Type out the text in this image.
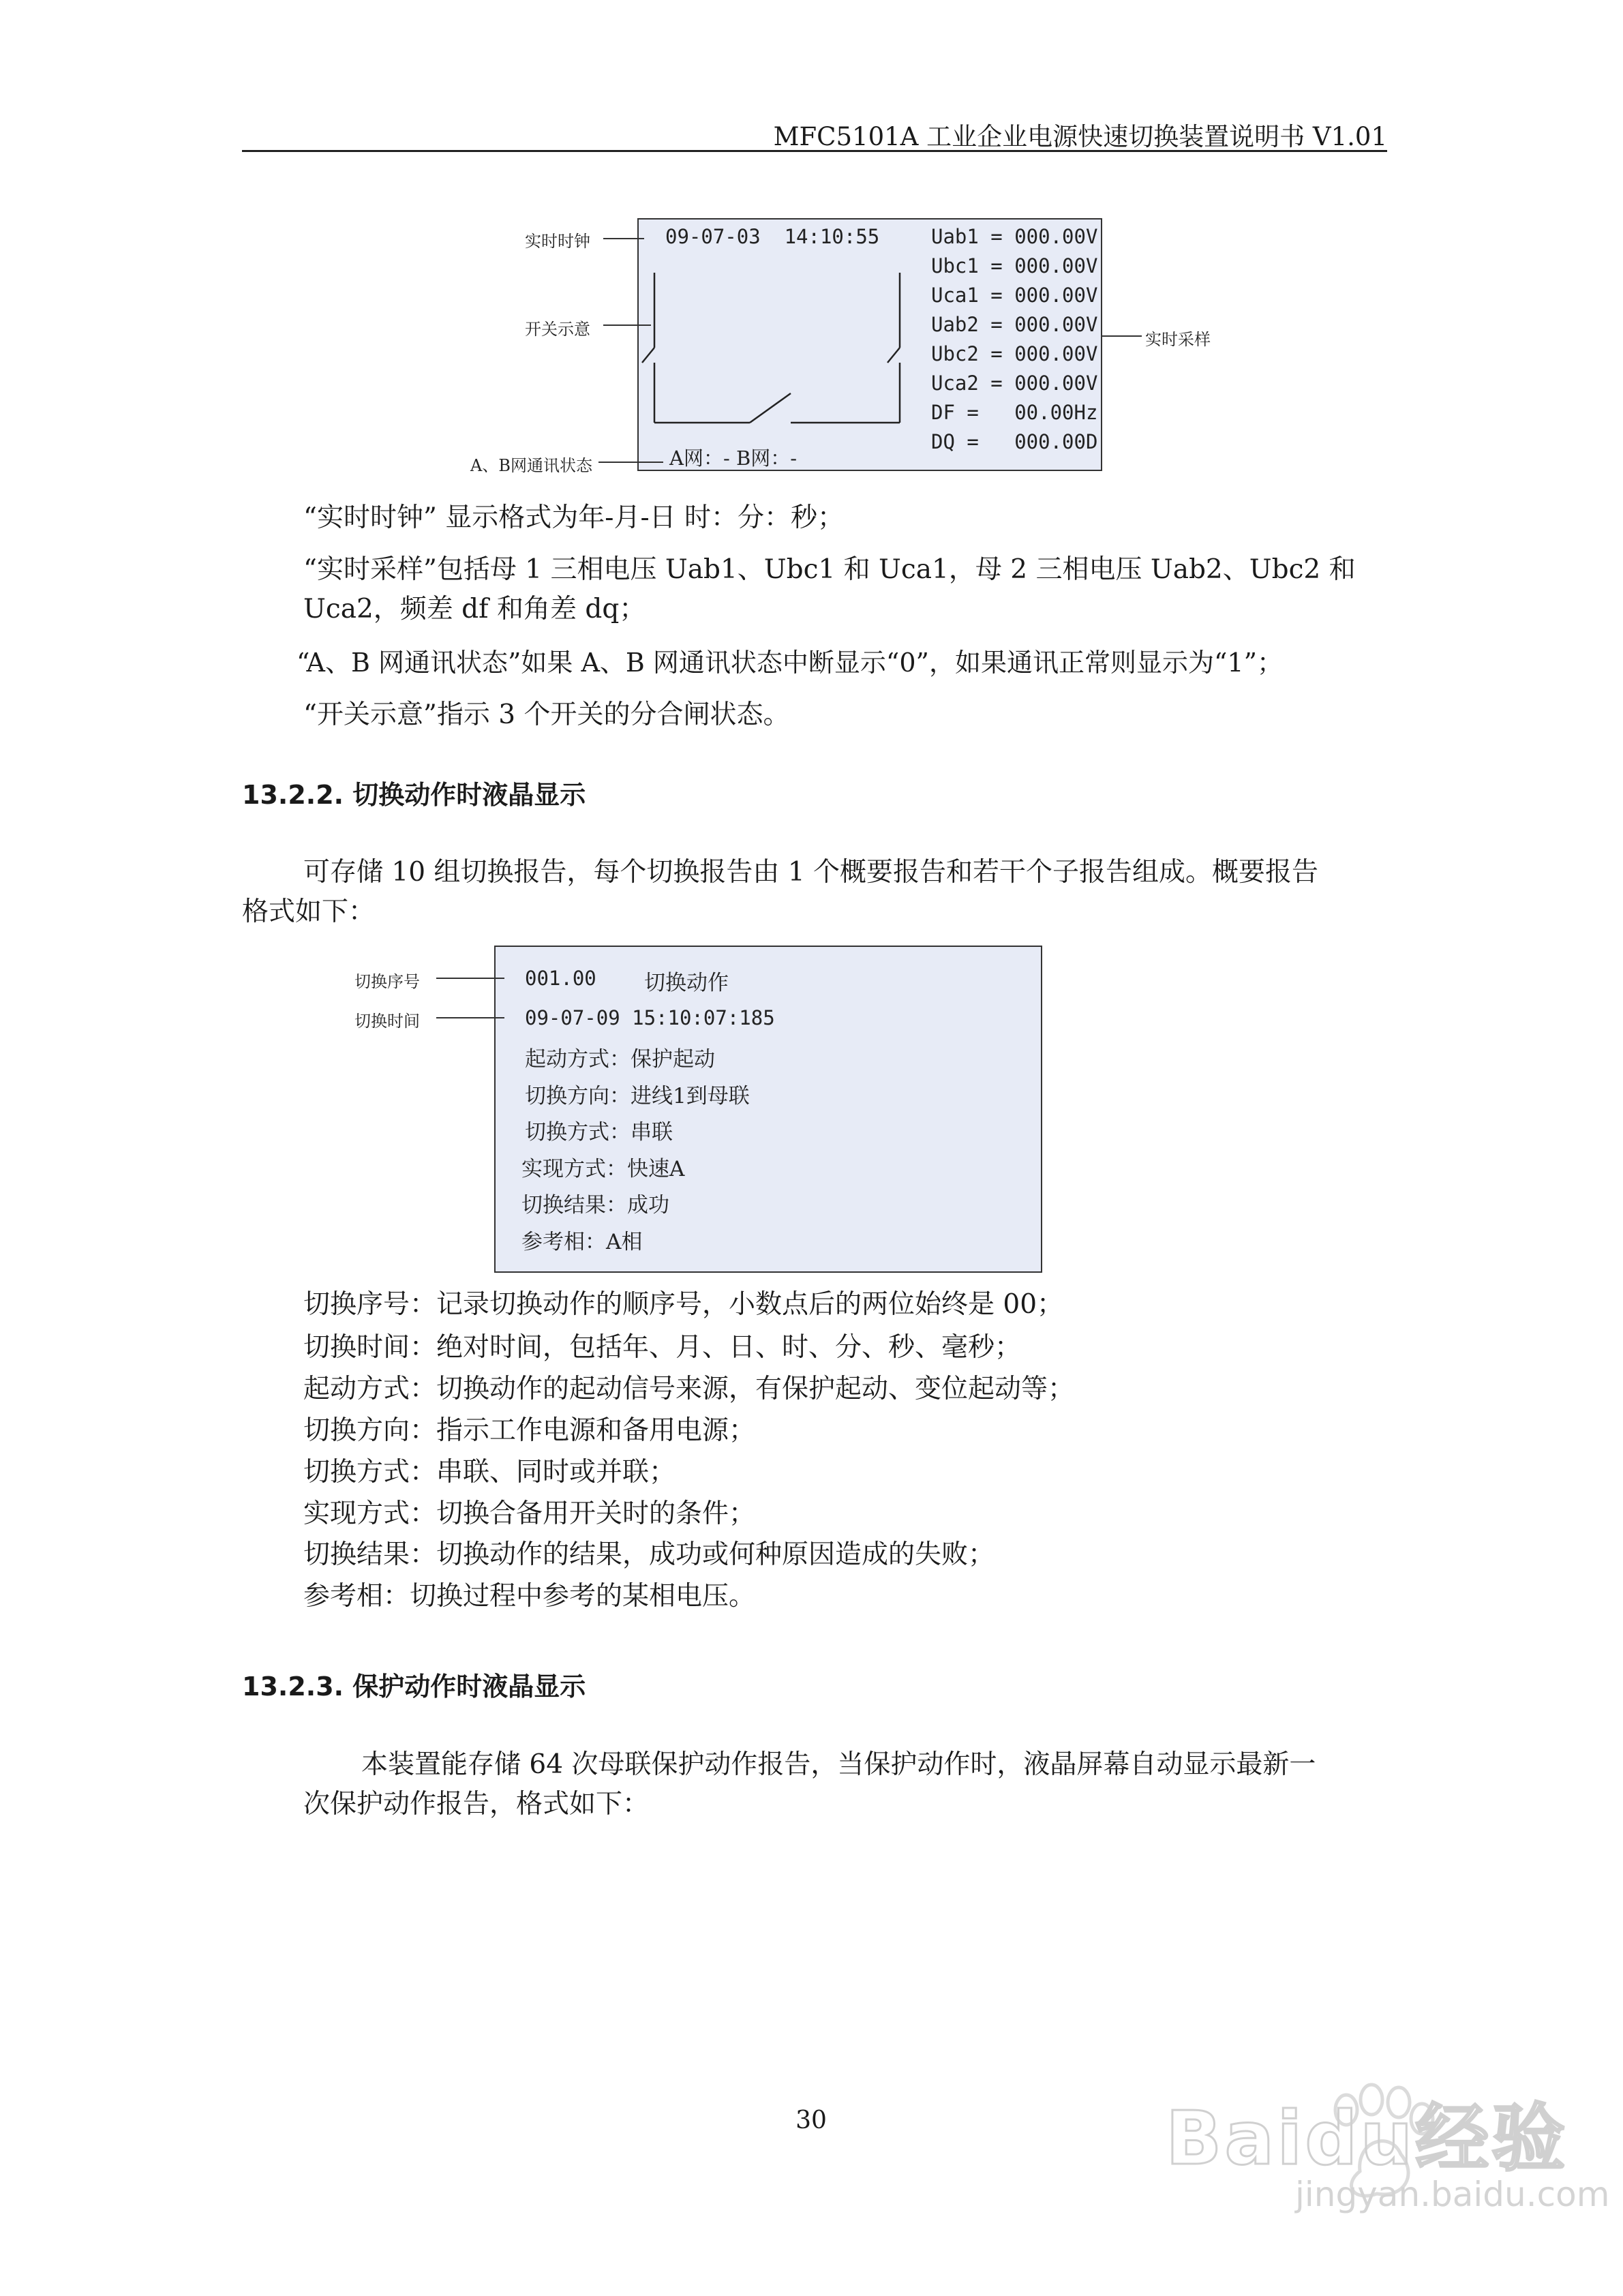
MFC5101A 工业企业电源快速切换装置说明书 V1.01
实时时钟
开关示意
A、B网通讯状态
实时采样
09-07-03  14:10:55	Uab1 = 000.00V
Ubc1 = 000.00V
Uca1 = 000.00V
Uab2 = 000.00V
Ubc2 = 000.00V
Uca2 = 000.00V
DF =   00.00Hz
DQ =   000.00D
A网：- B网：-
“实时时钟” 显示格式为年-月-日 时：分：秒；
“实时采样”包括母 1 三相电压 Uab1、Ubc1 和 Uca1，母 2 三相电压 Uab2、Ubc2 和
Uca2，频差 df 和角差 dq；
“A、B 网通讯状态”如果 A、B 网通讯状态中断显示“0”，如果通讯正常则显示为“1”；
“开关示意”指示 3 个开关的分合闸状态。
13.2.2. 切换动作时液晶显示
可存储 10 组切换报告，每个切换报告由 1 个概要报告和若干个子报告组成。概要报告
格式如下：
切换序号
切换时间
001.00 切换动作
09-07-09 15:10:07:185
起动方式：保护起动
切换方向：进线1到母联
切换方式：串联
实现方式：快速A
切换结果：成功
参考相：A相
切换序号：记录切换动作的顺序号，小数点后的两位始终是 00；
切换时间：绝对时间，包括年、月、日、时、分、秒、毫秒；
起动方式：切换动作的起动信号来源，有保护起动、变位起动等；
切换方向：指示工作电源和备用电源；
切换方式：串联、同时或并联；
实现方式：切换合备用开关时的条件；
切换结果：切换动作的结果，成功或何种原因造成的失败；
参考相：切换过程中参考的某相电压。
13.2.3. 保护动作时液晶显示
本装置能存储 64 次母联保护动作报告，当保护动作时，液晶屏幕自动显示最新一
次保护动作报告，格式如下：
30	Baidu经验
jingyan.baidu.com
